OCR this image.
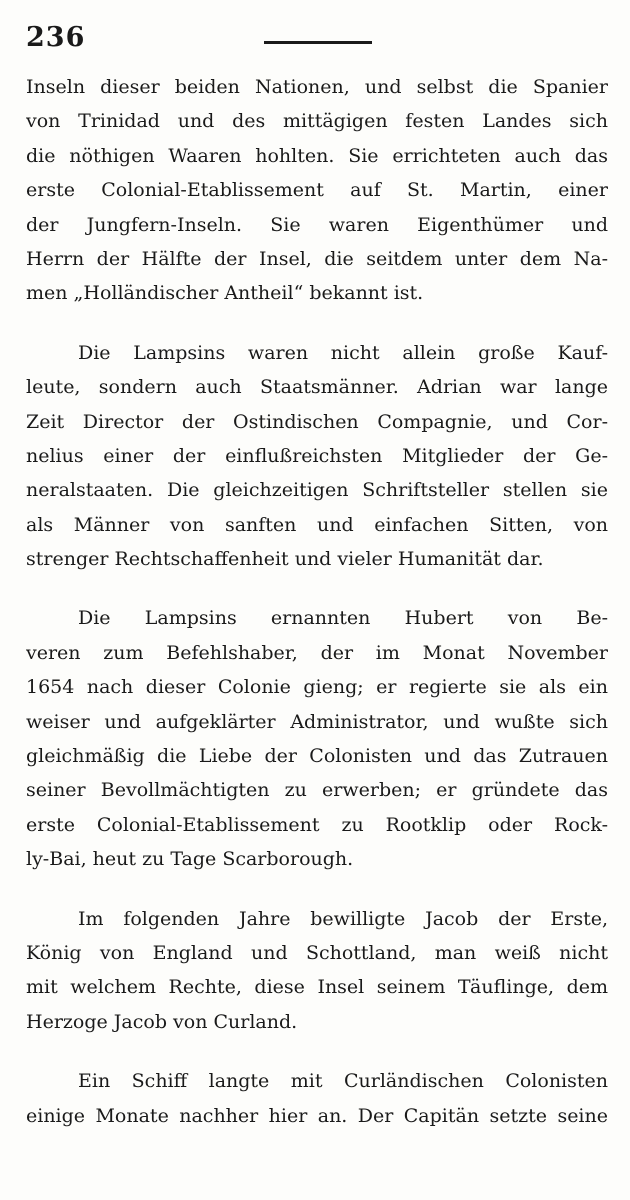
236
Inseln dieser beiden Nationen, und selbst die Spanier
von Trinidad und des mittägigen festen Landes sich
die nöthigen Waaren hohlten. Sie errichteten auch das
erste Colonial-Etablissement auf St. Martin, einer
der Jungfern-Inseln. Sie waren Eigenthümer und
Herrn der Hälfte der Insel, die seitdem unter dem Na-
men „Holländischer Antheil“ bekannt ist.
Die Lampsins waren nicht allein große Kauf-
leute, sondern auch Staatsmänner. Adrian war lange
Zeit Director der Ostindischen Compagnie, und Cor-
nelius einer der einflußreichsten Mitglieder der Ge-
neralstaaten. Die gleichzeitigen Schriftsteller stellen sie
als Männer von sanften und einfachen Sitten, von
strenger Rechtschaffenheit und vieler Humanität dar.
Die Lampsins ernannten Hubert von Be-
veren zum Befehlshaber, der im Monat November
1654 nach dieser Colonie gieng; er regierte sie als ein
weiser und aufgeklärter Administrator, und wußte sich
gleichmäßig die Liebe der Colonisten und das Zutrauen
seiner Bevollmächtigten zu erwerben; er gründete das
erste Colonial-Etablissement zu Rootklip oder Rock-
ly-Bai, heut zu Tage Scarborough.
Im folgenden Jahre bewilligte Jacob der Erste,
König von England und Schottland, man weiß nicht
mit welchem Rechte, diese Insel seinem Täuflinge, dem
Herzoge Jacob von Curland.
Ein Schiff langte mit Curländischen Colonisten
einige Monate nachher hier an. Der Capitän setzte seine
